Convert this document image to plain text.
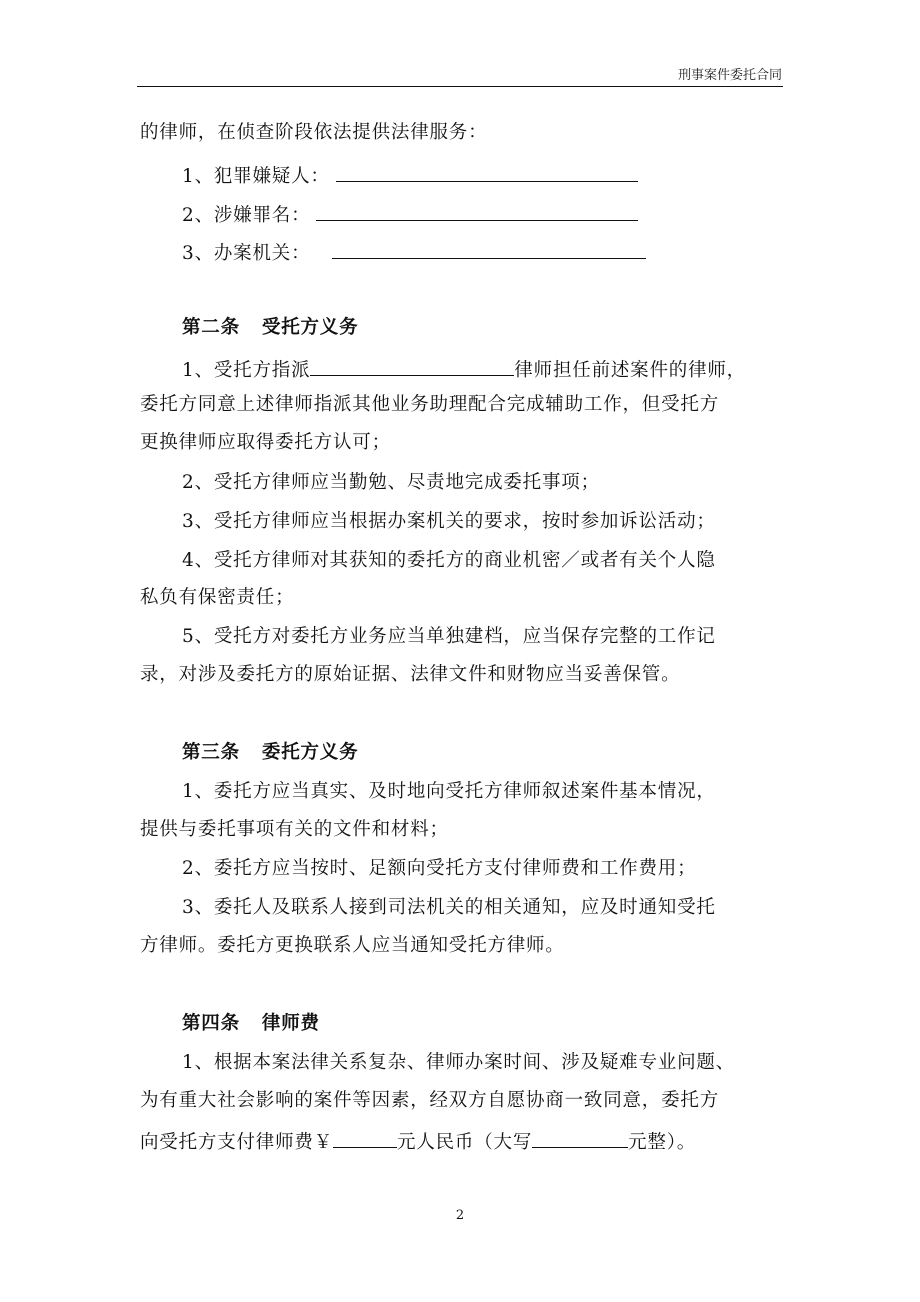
刑事案件委托合同
的律师，在侦查阶段依法提供法律服务：
1、犯罪嫌疑人：
2、涉嫌罪名：
3、办案机关：
第二条 受托方义务
1、受托方指派	律师担任前述案件的律师，
委托方同意上述律师指派其他业务助理配合完成辅助工作，但受托方
更换律师应取得委托方认可；
2、受托方律师应当勤勉、尽责地完成委托事项；
3、受托方律师应当根据办案机关的要求，按时参加诉讼活动；
4、受托方律师对其获知的委托方的商业机密／或者有关个人隐
私负有保密责任；
5、受托方对委托方业务应当单独建档，应当保存完整的工作记
录，对涉及委托方的原始证据、法律文件和财物应当妥善保管。
第三条 委托方义务
1、委托方应当真实、及时地向受托方律师叙述案件基本情况，
提供与委托事项有关的文件和材料；
2、委托方应当按时、足额向受托方支付律师费和工作费用；
3、委托人及联系人接到司法机关的相关通知，应及时通知受托
方律师。委托方更换联系人应当通知受托方律师。
第四条 律师费
1、根据本案法律关系复杂、律师办案时间、涉及疑难专业问题、
为有重大社会影响的案件等因素，经双方自愿协商一致同意，委托方
向受托方支付律师费￥	元人民币（大写	元整）。
2
